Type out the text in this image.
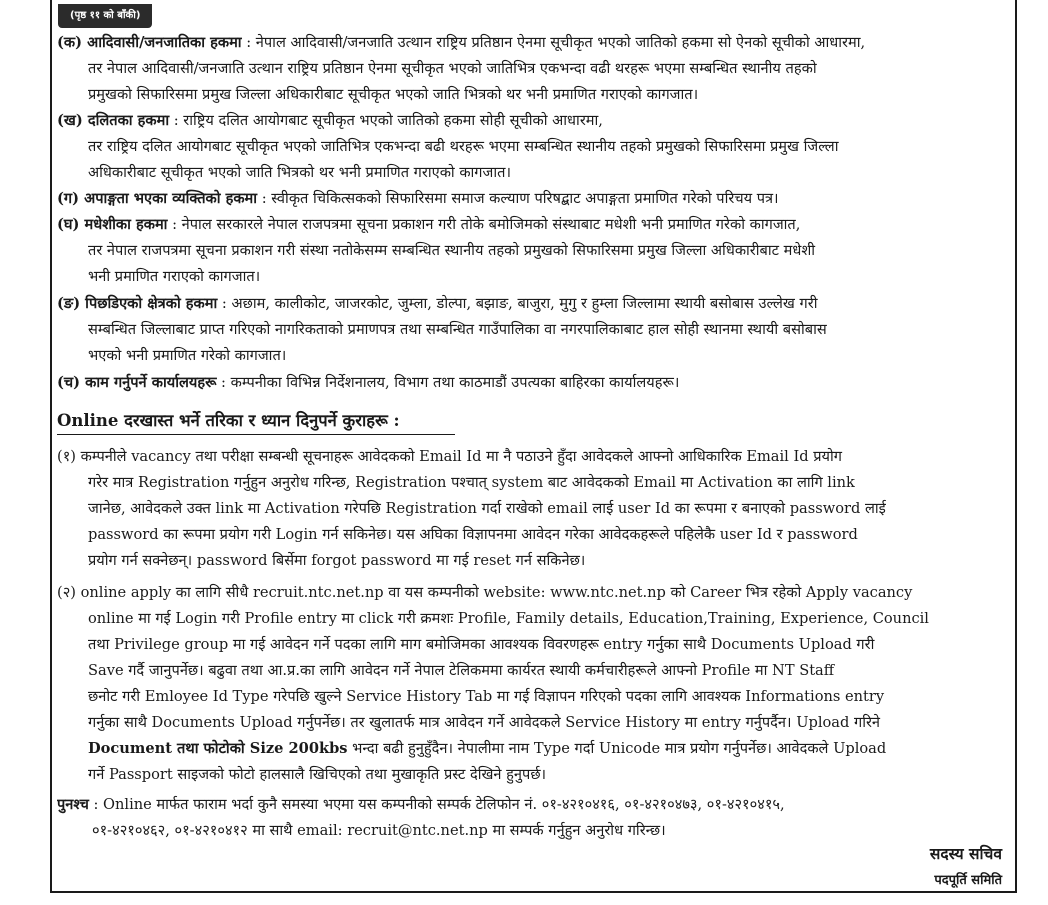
(पृष्ठ ११ को बाँकी)
(क) आदिवासी/जनजातिका हकमा : नेपाल आदिवासी/जनजाति उत्थान राष्ट्रिय प्रतिष्ठान ऐनमा सूचीकृत भएको जातिको हकमा सो ऐनको सूचीको आधारमा,
तर नेपाल आदिवासी/जनजाति उत्थान राष्ट्रिय प्रतिष्ठान ऐनमा सूचीकृत भएको जातिभित्र एकभन्दा वढी थरहरू भएमा सम्बन्धित स्थानीय तहको
प्रमुखको सिफारिसमा प्रमुख जिल्ला अधिकारीबाट सूचीकृत भएको जाति भित्रको थर भनी प्रमाणित गराएको कागजात।
(ख) दलितका हकमा : राष्ट्रिय दलित आयोगबाट सूचीकृत भएको जातिको हकमा सोही सूचीको आधारमा,
तर राष्ट्रिय दलित आयोगबाट सूचीकृत भएको जातिभित्र एकभन्दा बढी थरहरू भएमा सम्बन्धित स्थानीय तहको प्रमुखको सिफारिसमा प्रमुख जिल्ला
अधिकारीबाट सूचीकृत भएको जाति भित्रको थर भनी प्रमाणित गराएको कागजात।
(ग) अपाङ्गता भएका व्यक्तिको हकमा : स्वीकृत चिकित्सकको सिफारिसमा समाज कल्याण परिषद्बाट अपाङ्गता प्रमाणित गरेको परिचय पत्र।
(घ) मधेशीका हकमा : नेपाल सरकारले नेपाल राजपत्रमा सूचना प्रकाशन गरी तोके बमोजिमको संस्थाबाट मधेशी भनी प्रमाणित गरेको कागजात,
तर नेपाल राजपत्रमा सूचना प्रकाशन गरी संस्था नतोकेसम्म सम्बन्धित स्थानीय तहको प्रमुखको सिफारिसमा प्रमुख जिल्ला अधिकारीबाट मधेशी
भनी प्रमाणित गराएको कागजात।
(ङ) पिछडिएको क्षेत्रको हकमा : अछाम, कालीकोट, जाजरकोट, जुम्ला, डोल्पा, बझाङ, बाजुरा, मुगु र हुम्ला जिल्लामा स्थायी बसोबास उल्लेख गरी
सम्बन्धित जिल्लाबाट प्राप्त गरिएको नागरिकताको प्रमाणपत्र तथा सम्बन्धित गाउँपालिका वा नगरपालिकाबाट हाल सोही स्थानमा स्थायी बसोबास
भएको भनी प्रमाणित गरेको कागजात।
(च) काम गर्नुपर्ने कार्यालयहरू : कम्पनीका विभिन्न निर्देशनालय, विभाग तथा काठमाडौं उपत्यका बाहिरका कार्यालयहरू।
Online दरखास्त भर्ने तरिका र ध्यान दिनुपर्ने कुराहरू :
(१) कम्पनीले vacancy तथा परीक्षा सम्बन्धी सूचनाहरू आवेदकको Email Id मा नै पठाउने हुँदा आवेदकले आफ्नो आधिकारिक Email Id प्रयोग
गरेर मात्र Registration गर्नुहुन अनुरोध गरिन्छ, Registration पश्चात् system बाट आवेदकको Email मा Activation का लागि link
जानेछ, आवेदकले उक्त link मा Activation गरेपछि Registration गर्दा राखेको email लाई user Id का रूपमा र बनाएको password लाई
password का रूपमा प्रयोग गरी Login गर्न सकिनेछ। यस अघिका विज्ञापनमा आवेदन गरेका आवेदकहरूले पहिलेकै user Id र password
प्रयोग गर्न सक्नेछन्। password बिर्सेमा forgot password मा गई reset गर्न सकिनेछ।
(२) online apply का लागि सीधै recruit.ntc.net.np वा यस कम्पनीको website: www.ntc.net.np को Career भित्र रहेको Apply vacancy
online मा गई Login गरी Profile entry मा click गरी क्रमशः Profile, Family details, Education,Training, Experience, Council
तथा Privilege group मा गई आवेदन गर्ने पदका लागि माग बमोजिमका आवश्यक विवरणहरू entry गर्नुका साथै Documents Upload गरी
Save गर्दै जानुपर्नेछ। बढुवा तथा आ.प्र.का लागि आवेदन गर्ने नेपाल टेलिकममा कार्यरत स्थायी कर्मचारीहरूले आफ्नो Profile मा NT Staff
छनोट गरी Emloyee Id Type गरेपछि खुल्ने Service History Tab मा गई विज्ञापन गरिएको पदका लागि आवश्यक Informations entry
गर्नुका साथै Documents Upload गर्नुपर्नेछ। तर खुलातर्फ मात्र आवेदन गर्ने आवेदकले Service History मा entry गर्नुपर्दैन। Upload गरिने
Document तथा फोटोको Size 200kbs भन्दा बढी हुनुहुँदैन। नेपालीमा नाम Type गर्दा Unicode मात्र प्रयोग गर्नुपर्नेछ। आवेदकले Upload
गर्ने Passport साइजको फोटो हालसालै खिचिएको तथा मुखाकृति प्रस्ट देखिने हुनुपर्छ।
पुनश्च : Online मार्फत फाराम भर्दा कुनै समस्या भएमा यस कम्पनीको सम्पर्क टेलिफोन नं. ०१-४२१०४१६, ०१-४२१०४७३, ०१-४२१०४१५,
०१-४२१०४६२, ०१-४२१०४१२ मा साथै email: recruit@ntc.net.np मा सम्पर्क गर्नुहुन अनुरोध गरिन्छ।
सदस्य सचिव
पदपूर्ति समिति
